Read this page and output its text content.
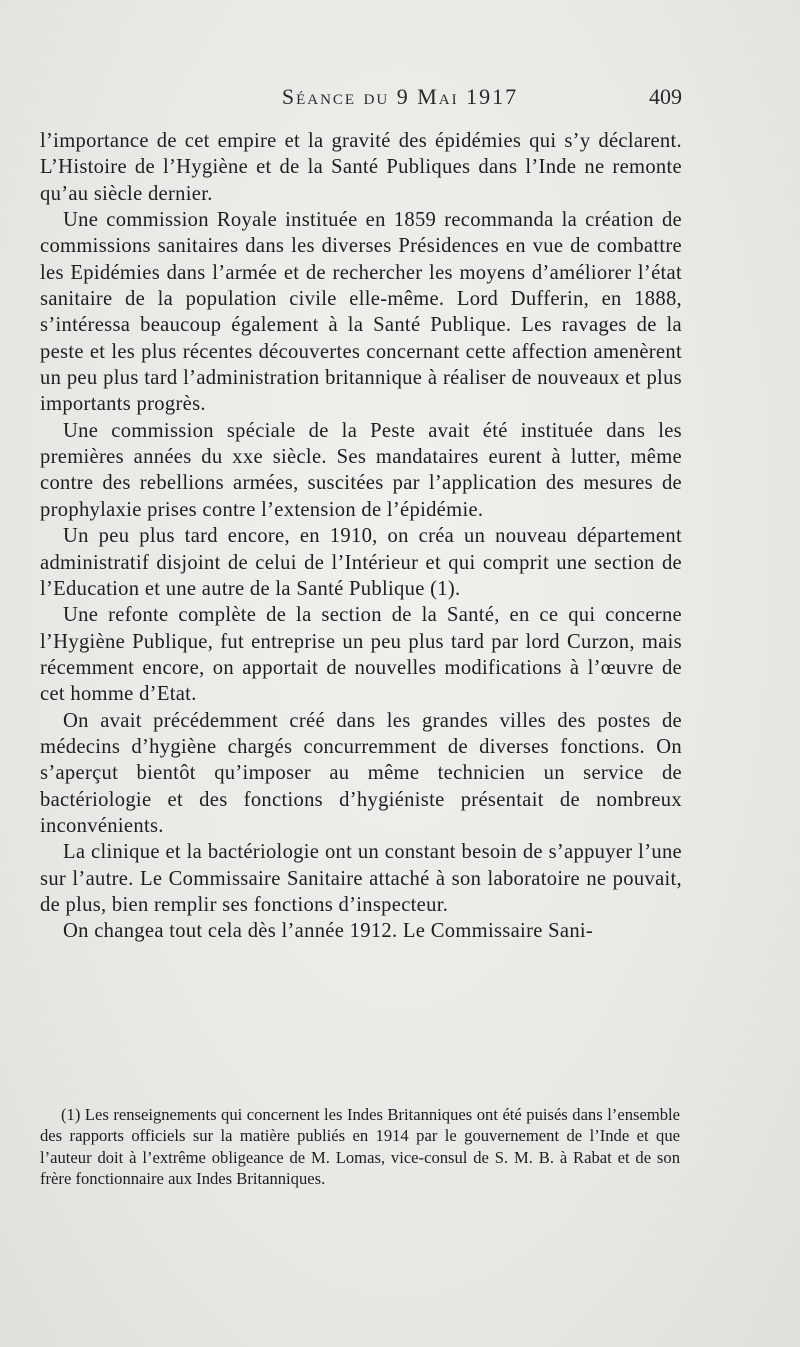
Séance du 9 Mai 1917	409

l’importance de cet empire et la gravité des épidémies qui s’y déclarent. L’Histoire de l’Hygiène et de la Santé Publiques dans l’Inde ne remonte qu’au siècle dernier.

Une commission Royale instituée en 1859 recommanda la création de commissions sanitaires dans les diverses Présidences en vue de combattre les Epidémies dans l’armée et de rechercher les moyens d’améliorer l’état sanitaire de la population civile elle-même. Lord Dufferin, en 1888, s’intéressa beaucoup également à la Santé Publique. Les ravages de la peste et les plus récentes découvertes concernant cette affection amenèrent un peu plus tard l’administration britannique à réaliser de nouveaux et plus importants progrès.

Une commission spéciale de la Peste avait été instituée dans les premières années du xxe siècle. Ses mandataires eurent à lutter, même contre des rebellions armées, suscitées par l’application des mesures de prophylaxie prises contre l’extension de l’épidémie.

Un peu plus tard encore, en 1910, on créa un nouveau département administratif disjoint de celui de l’Intérieur et qui comprit une section de l’Education et une autre de la Santé Publique (1).

Une refonte complète de la section de la Santé, en ce qui concerne l’Hygiène Publique, fut entreprise un peu plus tard par lord Curzon, mais récemment encore, on apportait de nouvelles modifications à l’œuvre de cet homme d’Etat.

On avait précédemment créé dans les grandes villes des postes de médecins d’hygiène chargés concurremment de diverses fonctions. On s’aperçut bientôt qu’imposer au même technicien un service de bactériologie et des fonctions d’hygiéniste présentait de nombreux inconvénients.

La clinique et la bactériologie ont un constant besoin de s’appuyer l’une sur l’autre. Le Commissaire Sanitaire attaché à son laboratoire ne pouvait, de plus, bien remplir ses fonctions d’inspecteur.

On changea tout cela dès l’année 1912. Le Commissaire Sani-

(1) Les renseignements qui concernent les Indes Britanniques ont été puisés dans l’ensemble des rapports officiels sur la matière publiés en 1914 par le gouvernement de l’Inde et que l’auteur doit à l’extrême obligeance de M. Lomas, vice-consul de S. M. B. à Rabat et de son frère fonctionnaire aux Indes Britanniques.
